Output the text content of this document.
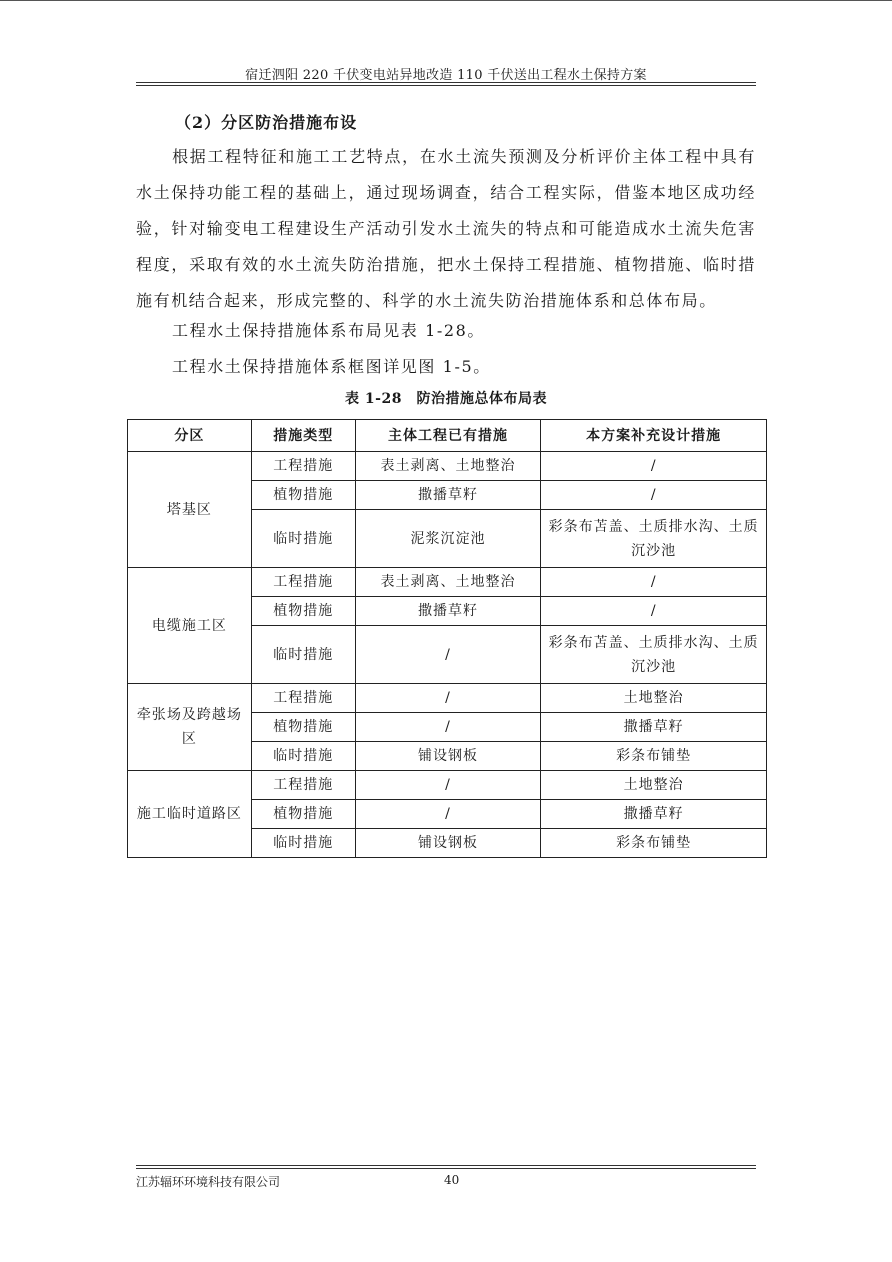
宿迁泗阳 220 千伏变电站异地改造 110 千伏送出工程水土保持方案
（2）分区防治措施布设
根据工程特征和施工工艺特点，在水土流失预测及分析评价主体工程中具有水土保持功能工程的基础上，通过现场调查，结合工程实际，借鉴本地区成功经验，针对输变电工程建设生产活动引发水土流失的特点和可能造成水土流失危害程度，采取有效的水土流失防治措施，把水土保持工程措施、植物措施、临时措施有机结合起来，形成完整的、科学的水土流失防治措施体系和总体布局。
工程水土保持措施体系布局见表 1-28。
工程水土保持措施体系框图详见图 1-5。
表 1-28　防治措施总体布局表
分区	措施类型	主体工程已有措施	本方案补充设计措施
塔基区	工程措施	表土剥离、土地整治	/
	植物措施	撒播草籽	/
	临时措施	泥浆沉淀池	彩条布苫盖、土质排水沟、土质沉沙池
电缆施工区	工程措施	表土剥离、土地整治	/
	植物措施	撒播草籽	/
	临时措施	/	彩条布苫盖、土质排水沟、土质沉沙池
牵张场及跨越场区	工程措施	/	土地整治
	植物措施	/	撒播草籽
	临时措施	铺设钢板	彩条布铺垫
施工临时道路区	工程措施	/	土地整治
	植物措施	/	撒播草籽
	临时措施	铺设钢板	彩条布铺垫
江苏辐环环境科技有限公司	40
